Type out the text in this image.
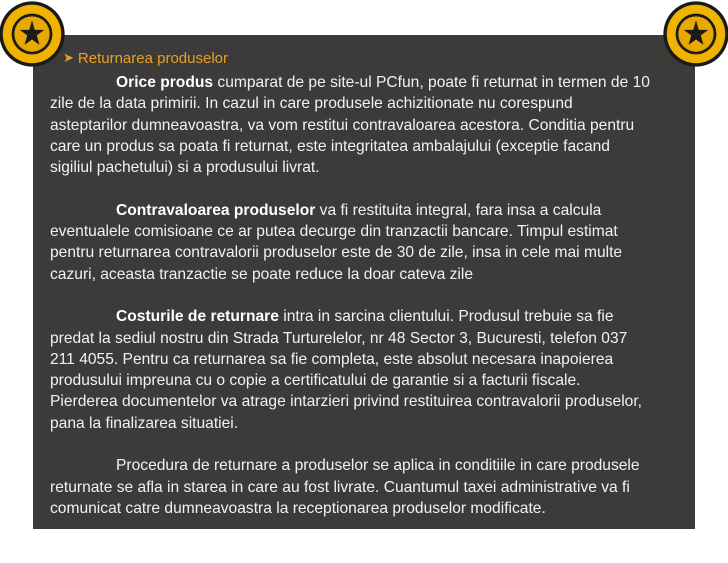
➤ Returnarea produselor

Orice produs cumparat de pe site-ul PCfun, poate fi returnat in termen de 10 zile de la data primirii. In cazul in care produsele achizitionate nu corespund asteptarilor dumneavoastra, va vom restitui contravaloarea acestora. Conditia pentru care un produs sa poata fi returnat, este integritatea ambalajului (exceptie facand sigiliul pachetului) si a produsului livrat.

Contravaloarea produselor va fi restituita integral, fara insa a calcula eventualele comisioane ce ar putea decurge din tranzactii bancare. Timpul estimat pentru returnarea contravalorii produselor este de 30 de zile, insa in cele mai multe cazuri, aceasta tranzactie se poate reduce la doar cateva zile

Costurile de returnare intra in sarcina clientului. Produsul trebuie sa fie predat la sediul nostru din Strada Turturelelor, nr 48 Sector 3, Bucuresti, telefon 037 211 4055. Pentru ca returnarea sa fie completa, este absolut necesara inapoierea produsului impreuna cu o copie a certificatului de garantie si a facturii fiscale. Pierderea documentelor va atrage intarzieri privind restituirea contravalorii produselor, pana la finalizarea situatiei.

Procedura de returnare a produselor se aplica in conditiile in care produsele returnate se afla in starea in care au fost livrate. Cuantumul taxei administrative va fi comunicat catre dumneavoastra la receptionarea produselor modificate.
